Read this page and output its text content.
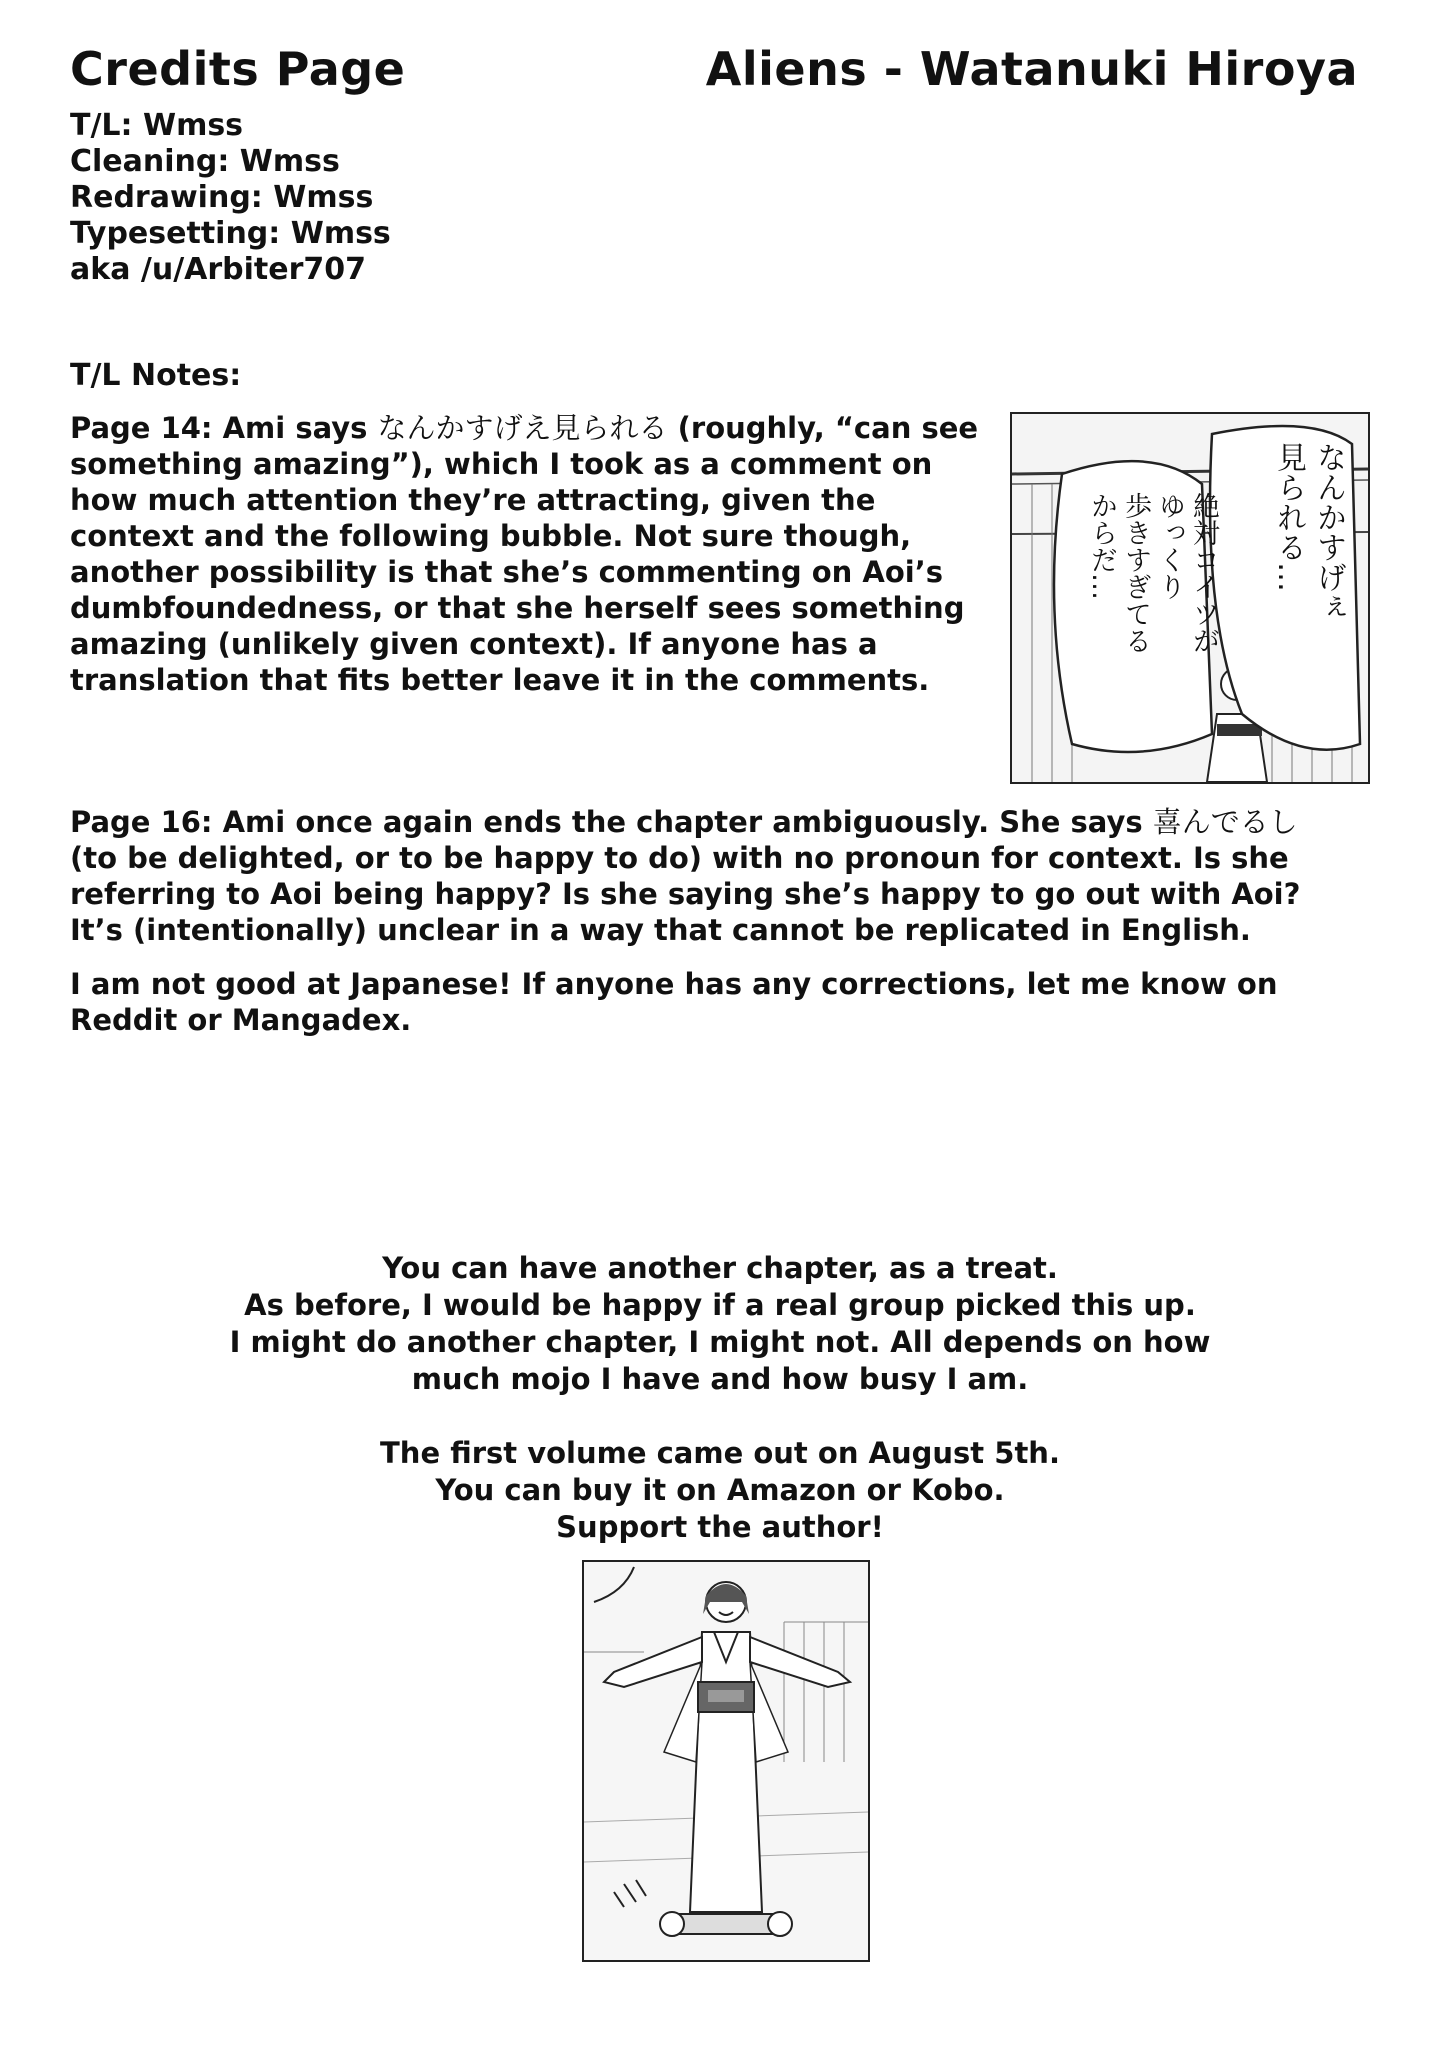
Credits Page	Aliens - Watanuki Hiroya
T/L: Wmss
Cleaning: Wmss
Redrawing: Wmss
Typesetting: Wmss
aka /u/Arbiter707
T/L Notes:
Page 14: Ami says なんかすげえ見られる (roughly, “can see something amazing”), which I took as a comment on how much attention they’re attracting, given the context and the following bubble. Not sure though, another possibility is that she’s commenting on Aoi’s dumbfoundedness, or that she herself sees something amazing (unlikely given context). If anyone has a translation that fits better leave it in the comments.
なんかすげぇ
見られる…
絶対コイツが
ゆっくり
歩きすぎてる
からだ…
Page 16: Ami once again ends the chapter ambiguously. She says 喜んでるし (to be delighted, or to be happy to do) with no pronoun for context. Is she referring to Aoi being happy? Is she saying she’s happy to go out with Aoi? It’s (intentionally) unclear in a way that cannot be replicated in English.
I am not good at Japanese! If anyone has any corrections, let me know on Reddit or Mangadex.
You can have another chapter, as a treat.
As before, I would be happy if a real group picked this up.
I might do another chapter, I might not. All depends on how
much mojo I have and how busy I am.
The first volume came out on August 5th.
You can buy it on Amazon or Kobo.
Support the author!
